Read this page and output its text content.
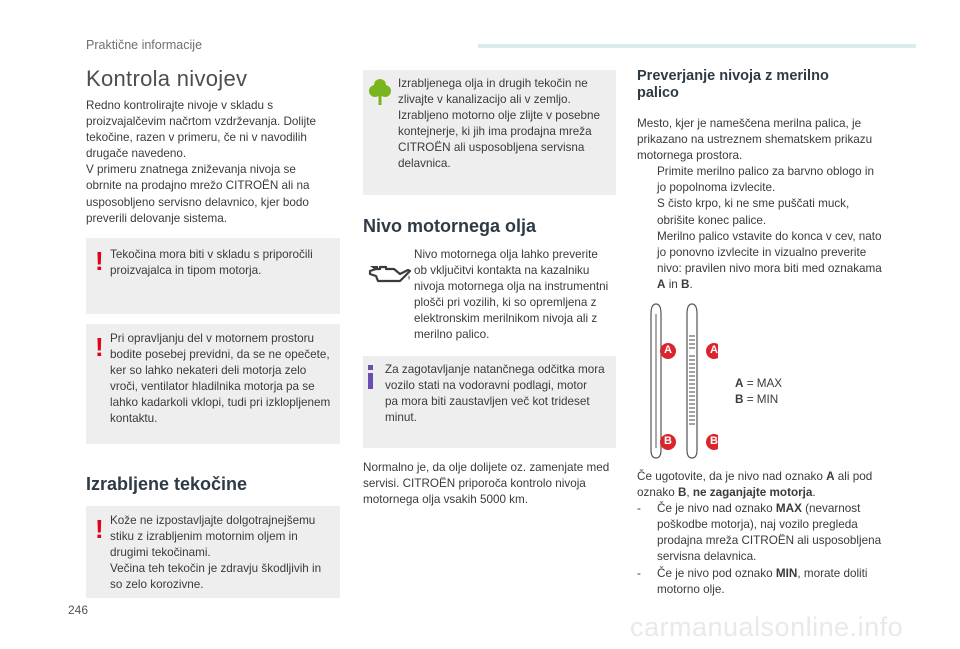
Praktične informacije
Kontrola nivojev
Redno kontrolirajte nivoje v skladu s
proizvajalčevim načrtom vzdrževanja. Dolijte
tekočine, razen v primeru, če ni v navodilih
drugače navedeno.
V primeru znatnega zniževanja nivoja se
obrnite na prodajno mrežo CITROËN ali na
usposobljeno servisno delavnico, kjer bodo
preverili delovanje sistema.
! Tekočina mora biti v skladu s priporočili
proizvajalca in tipom motorja.
! Pri opravljanju del v motornem prostoru
bodite posebej previdni, da se ne opečete,
ker so lahko nekateri deli motorja zelo
vroči, ventilator hladilnika motorja pa se
lahko kadarkoli vklopi, tudi pri izklopljenem
kontaktu.
Izrabljene tekočine
! Kože ne izpostavljajte dolgotrajnejšemu
stiku z izrabljenim motornim oljem in
drugimi tekočinami.
Večina teh tekočin je zdravju škodljivih in
so zelo korozivne.
Izrabljenega olja in drugih tekočin ne
zlivajte v kanalizacijo ali v zemljo.
Izrabljeno motorno olje zlijte v posebne
kontejnerje, ki jih ima prodajna mreža
CITROËN ali usposobljena servisna
delavnica.
Nivo motornega olja
Nivo motornega olja lahko preverite
ob vključitvi kontakta na kazalniku
nivoja motornega olja na instrumentni
plošči pri vozilih, ki so opremljena z
elektronskim merilnikom nivoja ali z
merilno palico.
Za zagotavljanje natančnega odčitka mora
vozilo stati na vodoravni podlagi, motor
pa mora biti zaustavljen več kot trideset
minut.
Normalno je, da olje dolijete oz. zamenjate med
servisi. CITROËN priporoča kontrolo nivoja
motornega olja vsakih 5000 km.
Preverjanje nivoja z merilno
palico
Mesto, kjer je nameščena merilna palica, je
prikazano na ustreznem shematskem prikazu
motornega prostora.
Primite merilno palico za barvno oblogo in
jo popolnoma izvlecite.
S čisto krpo, ki ne sme puščati muck,
obrišite konec palice.
Merilno palico vstavite do konca v cev, nato
jo ponovno izvlecite in vizualno preverite
nivo: pravilen nivo mora biti med oznakama
A in B.
A	A
B	B
A = MAX
B = MIN
Če ugotovite, da je nivo nad oznako A ali pod
oznako B, ne zaganjajte motorja.
-	Če je nivo nad oznako MAX (nevarnost
poškodbe motorja), naj vozilo pregleda
prodajna mreža CITROËN ali usposobljena
servisna delavnica.
-	Če je nivo pod oznako MIN, morate doliti
motorno olje.
246
carmanualsonline.info
